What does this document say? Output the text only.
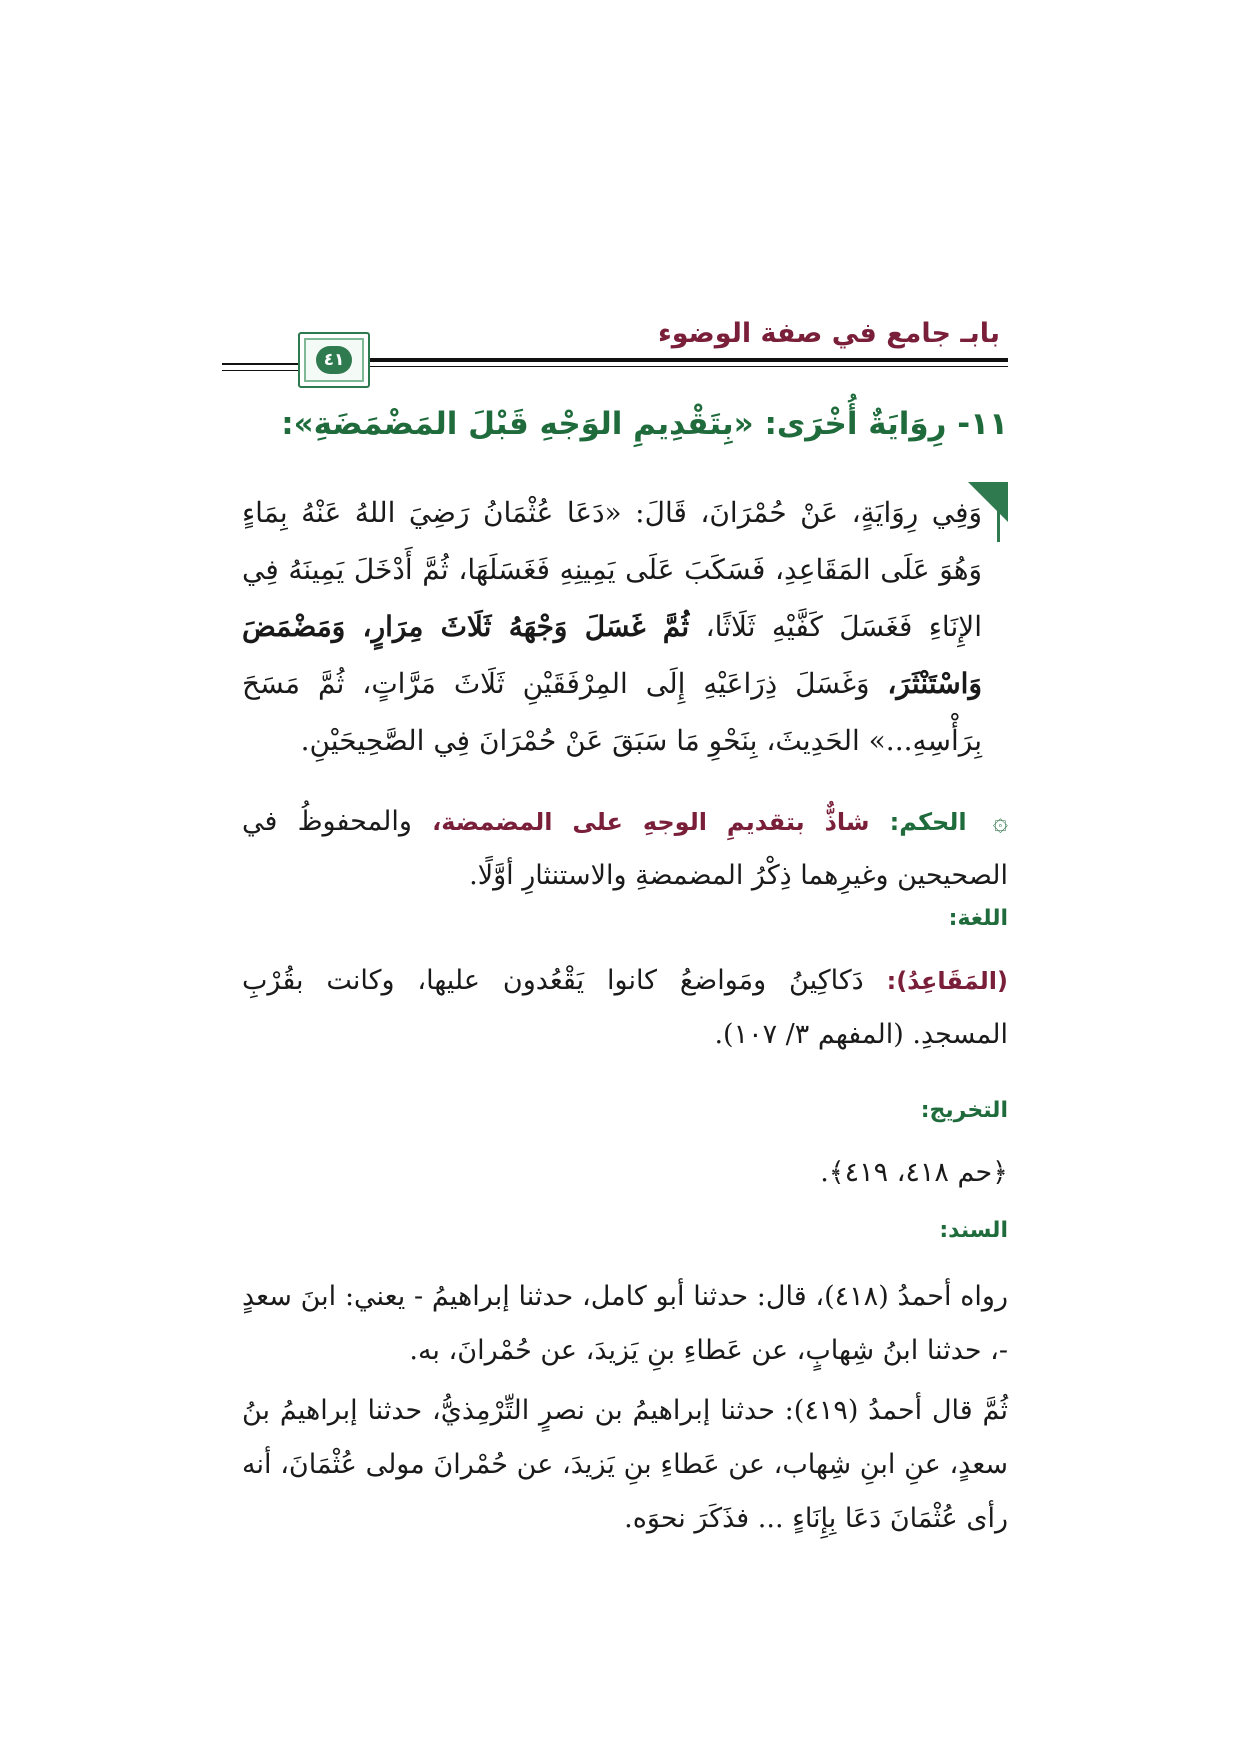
بابـ جامع في صفة الوضوء
٤١
١١- رِوَايَةٌ أُخْرَى: «بِتَقْدِيمِ الوَجْهِ قَبْلَ المَضْمَضَةِ»:
وَفِي رِوَايَةٍ، عَنْ حُمْرَانَ، قَالَ: «دَعَا عُثْمَانُ رَضِيَ اللهُ عَنْهُ بِمَاءٍ وَهُوَ عَلَى المَقَاعِدِ، فَسَكَبَ عَلَى يَمِينِهِ فَغَسَلَهَا، ثُمَّ أَدْخَلَ يَمِينَهُ فِي الإِنَاءِ فَغَسَلَ كَفَّيْهِ ثَلَاثًا، ثُمَّ غَسَلَ وَجْهَهُ ثَلَاثَ مِرَارٍ، وَمَضْمَضَ وَاسْتَنْثَرَ، وَغَسَلَ ذِرَاعَيْهِ إِلَى المِرْفَقَيْنِ ثَلَاثَ مَرَّاتٍ، ثُمَّ مَسَحَ بِرَأْسِهِ...» الحَدِيثَ، بِنَحْوِ مَا سَبَقَ عَنْ حُمْرَانَ فِي الصَّحِيحَيْنِ.
۞ الحكم: شاذٌّ بتقديمِ الوجهِ على المضمضة، والمحفوظُ في الصحيحين وغيرِهما ذِكْرُ المضمضةِ والاستنثارِ أوَّلًا.
اللغة:
(المَقَاعِدُ): دَكاكِينُ ومَواضعُ كانوا يَقْعُدون عليها، وكانت بقُرْبِ المسجدِ. (المفهم ٣/ ١٠٧).
التخريج:
﴿حم ٤١٨، ٤١٩﴾.
السند:
رواه أحمدُ (٤١٨)، قال: حدثنا أبو كامل، حدثنا إبراهيمُ - يعني: ابنَ سعدٍ -، حدثنا ابنُ شِهابٍ، عن عَطاءِ بنِ يَزيدَ، عن حُمْرانَ، به.
ثُمَّ قال أحمدُ (٤١٩): حدثنا إبراهيمُ بن نصرٍ التِّرْمِذيُّ، حدثنا إبراهيمُ بنُ سعدٍ، عنِ ابنِ شِهاب، عن عَطاءِ بنِ يَزيدَ، عن حُمْرانَ مولى عُثْمَانَ، أنه رأى عُثْمَانَ دَعَا بِإِنَاءٍ ... فذَكَرَ نحوَه.
